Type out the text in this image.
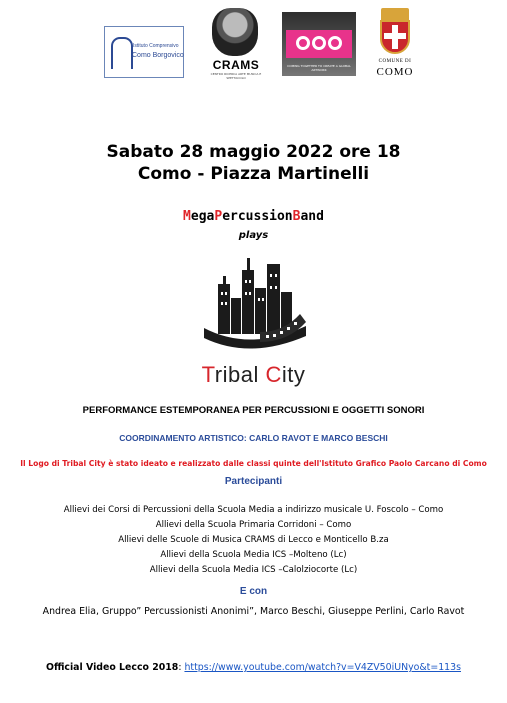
Istituto Comprensivo
Como Borgovico
CRAMS
CENTRO RICERCA ARTE MUSICA E SPETTACOLO
COMING TOGETHER TO CREATE A GLOBAL ARTWORK
COMUNE DI
COMO
Sabato 28 maggio 2022 ore 18
Como - Piazza Martinelli
MegaPercussionBand
plays
Tribal City
PERFORMANCE ESTEMPORANEA PER PERCUSSIONI E OGGETTI SONORI
COORDINAMENTO ARTISTICO: CARLO RAVOT E MARCO BESCHI
Il Logo di Tribal City è stato ideato e realizzato dalle classi quinte dell'Istituto Grafico Paolo Carcano di Como
Partecipanti
Allievi dei Corsi di Percussioni della Scuola Media a indirizzo musicale U. Foscolo – Como
Allievi della Scuola Primaria Corridoni – Como
Allievi delle Scuole di Musica CRAMS di Lecco e Monticello B.za
Allievi della Scuola Media ICS –Molteno (Lc)
Allievi della Scuola Media ICS –Calolziocorte (Lc)
E con
Andrea Elia, Gruppo” Percussionisti Anonimi”, Marco Beschi, Giuseppe Perlini, Carlo Ravot
Official Video Lecco 2018: https://www.youtube.com/watch?v=V4ZV50iUNyo&t=113s
